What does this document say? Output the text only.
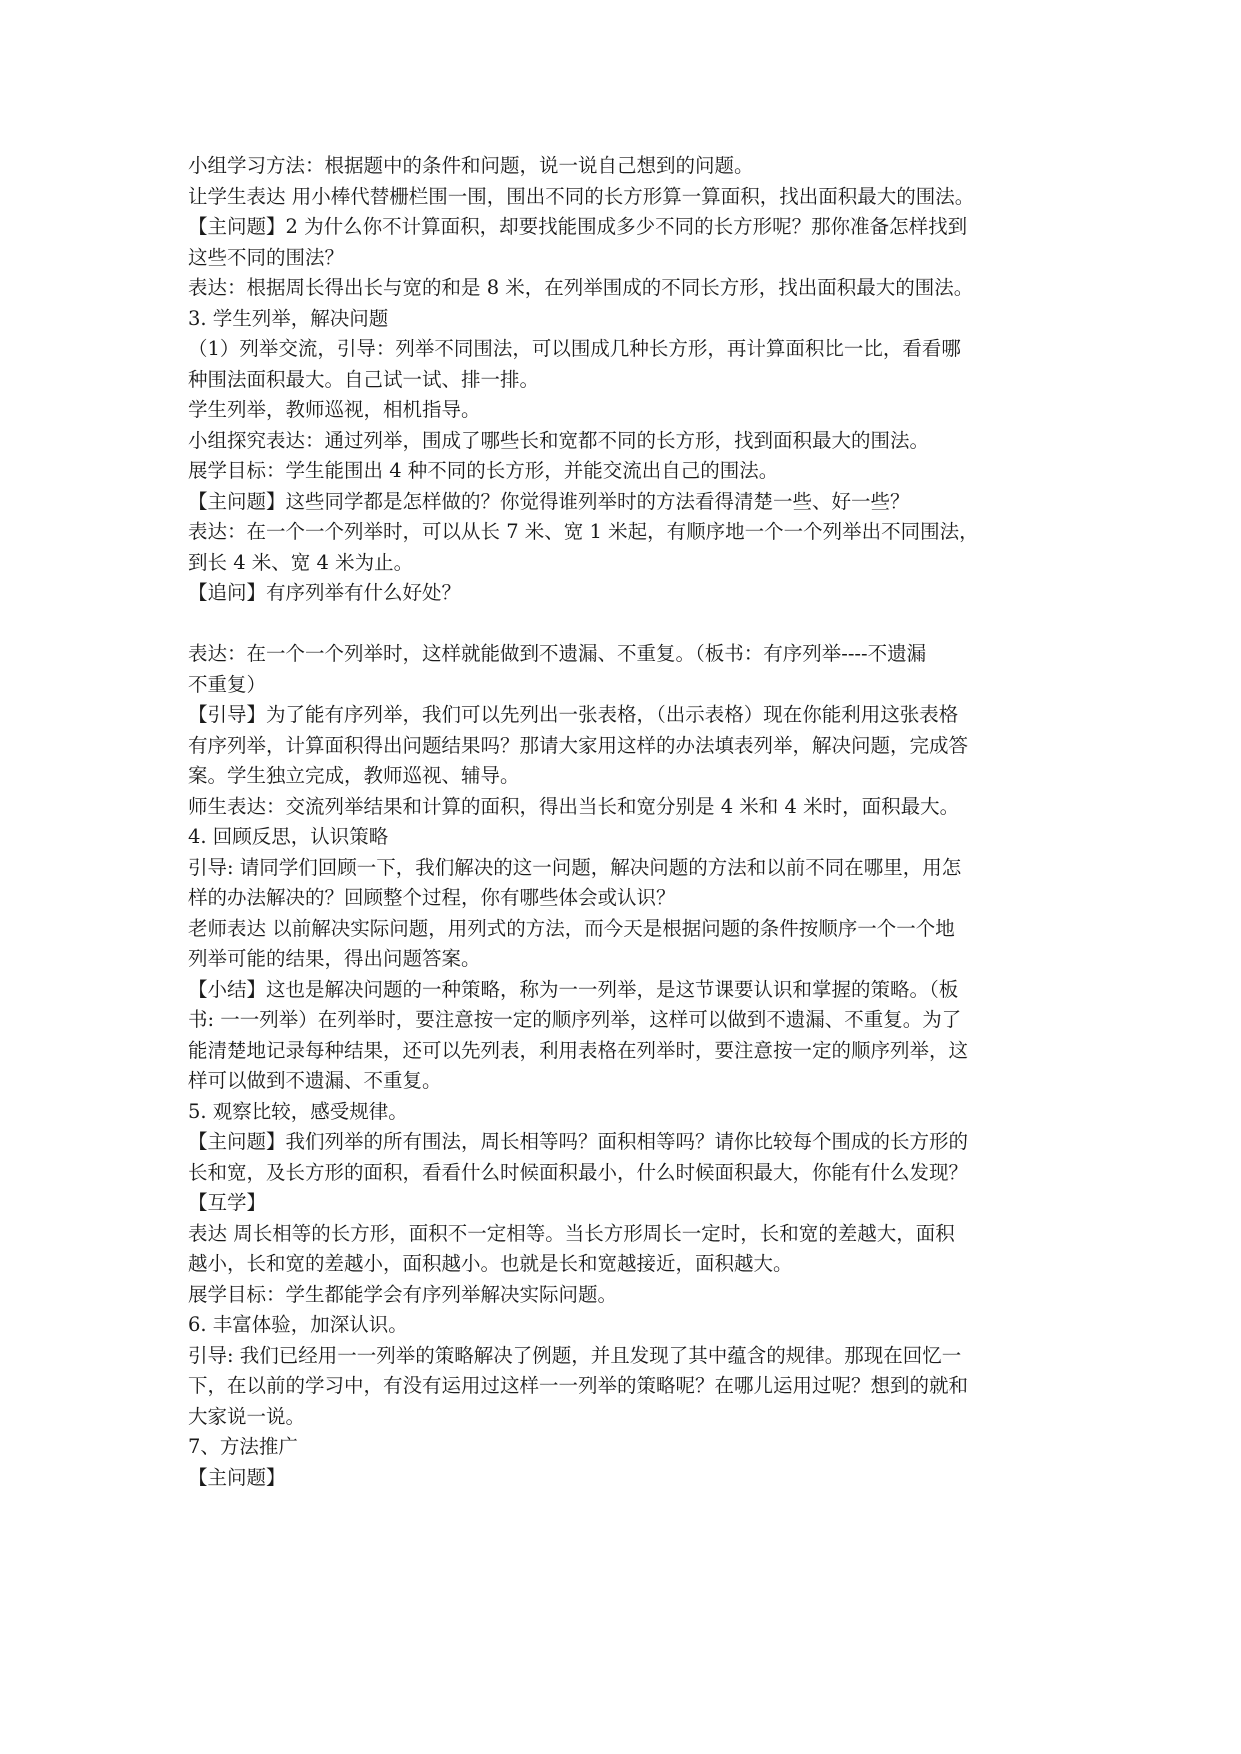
小组学习方法：根据题中的条件和问题，说一说自己想到的问题。
让学生表达 用小棒代替栅栏围一围，围出不同的长方形算一算面积，找出面积最大的围法。
【主问题】2 为什么你不计算面积，却要找能围成多少不同的长方形呢？那你准备怎样找到
这些不同的围法？
表达：根据周长得出长与宽的和是 8 米，在列举围成的不同长方形，找出面积最大的围法。
3. 学生列举，解决问题
（1）列举交流，引导：列举不同围法，可以围成几种长方形，再计算面积比一比，看看哪
种围法面积最大。自己试一试、排一排。
学生列举，教师巡视，相机指导。
小组探究表达：通过列举，围成了哪些长和宽都不同的长方形，找到面积最大的围法。
展学目标：学生能围出 4 种不同的长方形，并能交流出自己的围法。
【主问题】这些同学都是怎样做的？你觉得谁列举时的方法看得清楚一些、好一些？
表达：在一个一个列举时，可以从长 7 米、宽 1 米起，有顺序地一个一个列举出不同围法，
到长 4 米、宽 4 米为止。
【追问】有序列举有什么好处？
表达：在一个一个列举时，这样就能做到不遗漏、不重复。（板书：有序列举----不遗漏
不重复）
【引导】为了能有序列举，我们可以先列出一张表格，（出示表格）现在你能利用这张表格
有序列举，计算面积得出问题结果吗？那请大家用这样的办法填表列举，解决问题，完成答
案。学生独立完成，教师巡视、辅导。
师生表达：交流列举结果和计算的面积，得出当长和宽分别是 4 米和 4 米时，面积最大。
4. 回顾反思，认识策略
引导: 请同学们回顾一下，我们解决的这一问题，解决问题的方法和以前不同在哪里，用怎
样的办法解决的？回顾整个过程，你有哪些体会或认识？
老师表达 以前解决实际问题，用列式的方法，而今天是根据问题的条件按顺序一个一个地
列举可能的结果，得出问题答案。
【小结】这也是解决问题的一种策略，称为一一列举，是这节课要认识和掌握的策略。（板
书: 一一列举）在列举时，要注意按一定的顺序列举，这样可以做到不遗漏、不重复。为了
能清楚地记录每种结果，还可以先列表，利用表格在列举时，要注意按一定的顺序列举，这
样可以做到不遗漏、不重复。
5. 观察比较，感受规律。
【主问题】我们列举的所有围法，周长相等吗？面积相等吗？请你比较每个围成的长方形的
长和宽，及长方形的面积，看看什么时候面积最小，什么时候面积最大，你能有什么发现？
【互学】
表达 周长相等的长方形，面积不一定相等。当长方形周长一定时，长和宽的差越大，面积
越小，长和宽的差越小，面积越小。也就是长和宽越接近，面积越大。
展学目标：学生都能学会有序列举解决实际问题。
6. 丰富体验，加深认识。
引导: 我们已经用一一列举的策略解决了例题，并且发现了其中蕴含的规律。那现在回忆一
下，在以前的学习中，有没有运用过这样一一列举的策略呢？在哪儿运用过呢？想到的就和
大家说一说。
7、方法推广
【主问题】
